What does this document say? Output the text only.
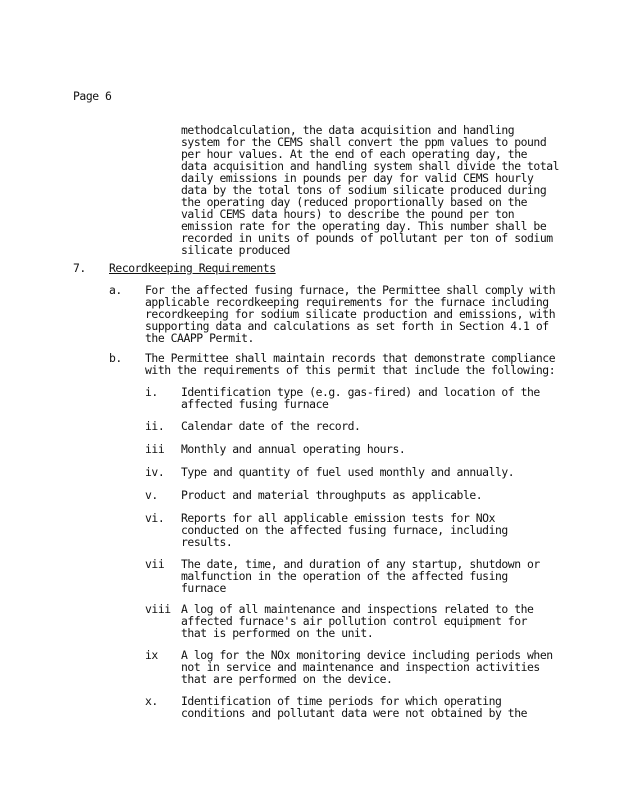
Page 6
methodcalculation, the data acquisition and handling
system for the CEMS shall convert the ppm values to pound
per hour values. At the end of each operating day, the
data acquisition and handling system shall divide the total
daily emissions in pounds per day for valid CEMS hourly
data by the total tons of sodium silicate produced during
the operating day (reduced proportionally based on the
valid CEMS data hours) to describe the pound per ton
emission rate for the operating day. This number shall be
recorded in units of pounds of pollutant per ton of sodium
silicate produced
7. Recordkeeping Requirements
a. For the affected fusing furnace, the Permittee shall comply with
applicable recordkeeping requirements for the furnace including
recordkeeping for sodium silicate production and emissions, with
supporting data and calculations as set forth in Section 4.1 of
the CAAPP Permit.
b. The Permittee shall maintain records that demonstrate compliance
with the requirements of this permit that include the following:
i. Identification type (e.g. gas-fired) and location of the
affected fusing furnace
ii. Calendar date of the record.
iii Monthly and annual operating hours.
iv. Type and quantity of fuel used monthly and annually.
v. Product and material throughputs as applicable.
vi. Reports for all applicable emission tests for NOx
conducted on the affected fusing furnace, including
results.
vii The date, time, and duration of any startup, shutdown or
malfunction in the operation of the affected fusing
furnace
viii A log of all maintenance and inspections related to the
affected furnace's air pollution control equipment for
that is performed on the unit.
ix A log for the NOx monitoring device including periods when
not in service and maintenance and inspection activities
that are performed on the device.
x. Identification of time periods for which operating
conditions and pollutant data were not obtained by the
